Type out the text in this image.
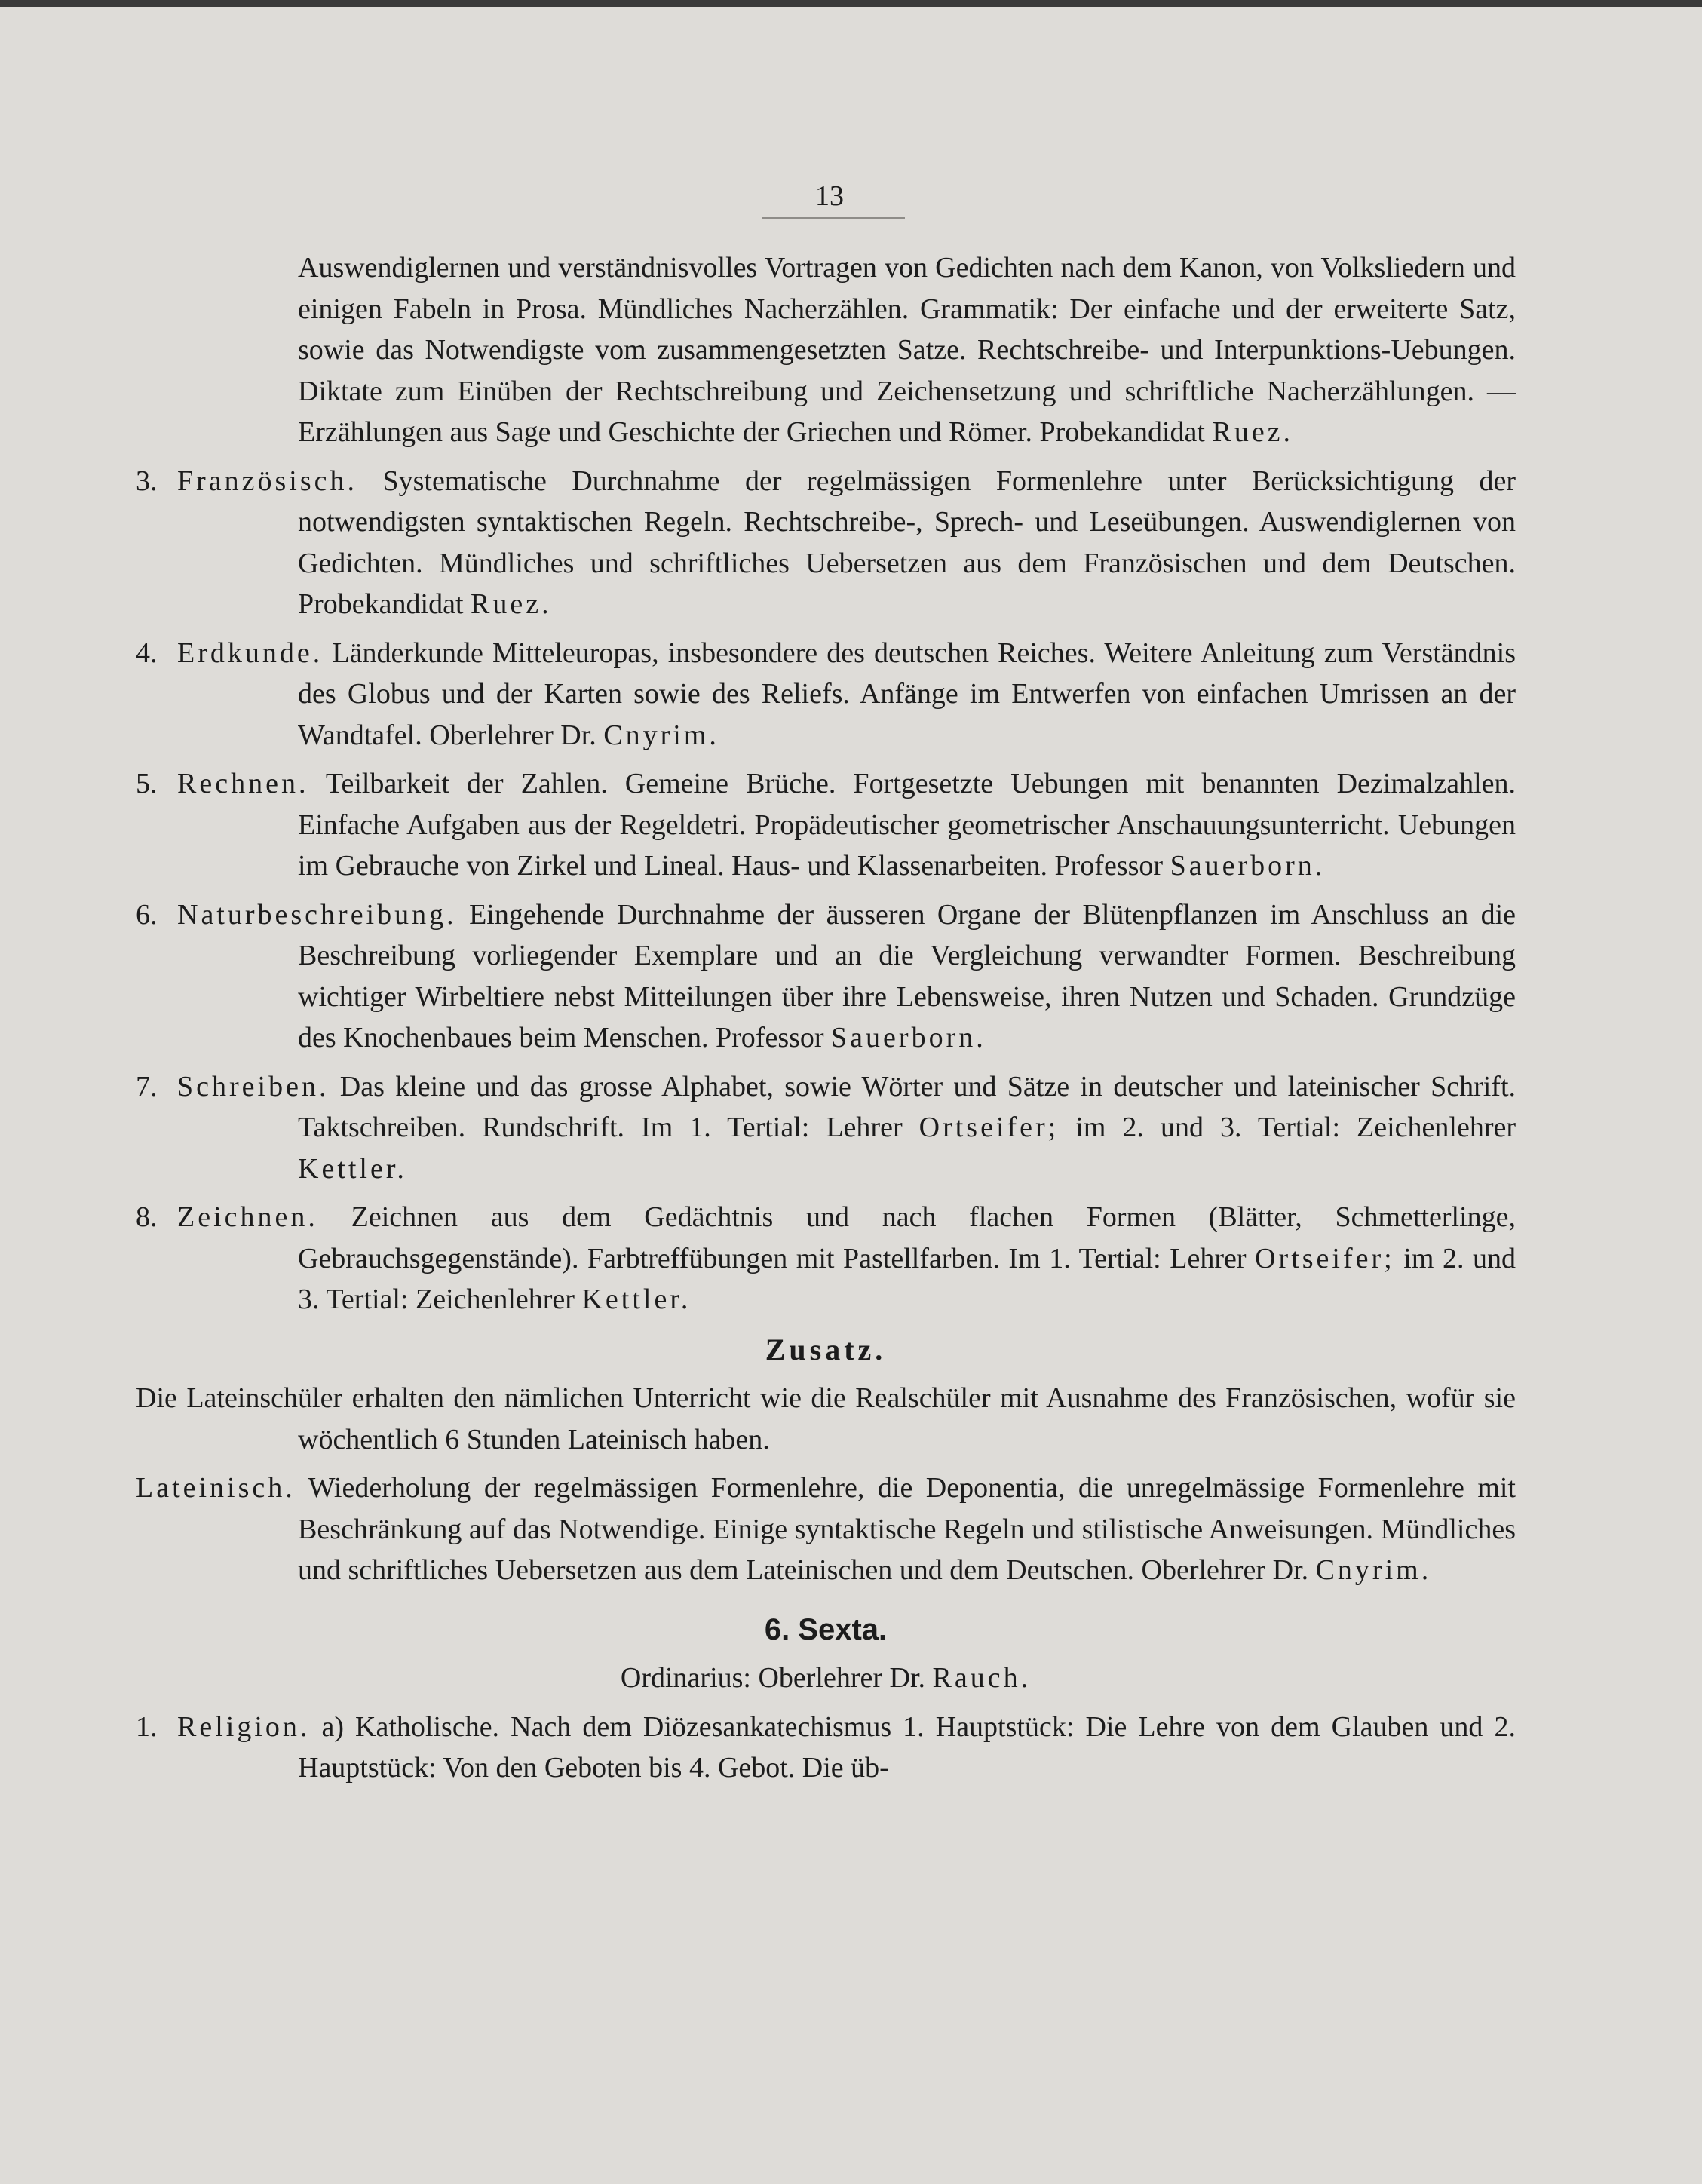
13

Auswendiglernen und verständnisvolles Vortragen von Gedichten nach dem Kanon, von Volksliedern und einigen Fabeln in Prosa. Mündliches Nacherzählen. Grammatik: Der einfache und der erweiterte Satz, sowie das Notwendigste vom zusammengesetzten Satze. Rechtschreibe- und Interpunktions-Uebungen. Diktate zum Einüben der Rechtschreibung und Zeichensetzung und schriftliche Nacherzählungen. — Erzählungen aus Sage und Geschichte der Griechen und Römer. Probekandidat Ruez.

3. Französisch. Systematische Durchnahme der regelmässigen Formenlehre unter Berücksichtigung der notwendigsten syntaktischen Regeln. Rechtschreibe-, Sprech- und Leseübungen. Auswendiglernen von Gedichten. Mündliches und schriftliches Uebersetzen aus dem Französischen und dem Deutschen. Probekandidat Ruez.

4. Erdkunde. Länderkunde Mitteleuropas, insbesondere des deutschen Reiches. Weitere Anleitung zum Verständnis des Globus und der Karten sowie des Reliefs. Anfänge im Entwerfen von einfachen Umrissen an der Wandtafel. Oberlehrer Dr. Cnyrim.

5. Rechnen. Teilbarkeit der Zahlen. Gemeine Brüche. Fortgesetzte Uebungen mit benannten Dezimalzahlen. Einfache Aufgaben aus der Regeldetri. Propädeutischer geometrischer Anschauungsunterricht. Uebungen im Gebrauche von Zirkel und Lineal. Haus- und Klassenarbeiten. Professor Sauerborn.

6. Naturbeschreibung. Eingehende Durchnahme der äusseren Organe der Blütenpflanzen im Anschluss an die Beschreibung vorliegender Exemplare und an die Vergleichung verwandter Formen. Beschreibung wichtiger Wirbeltiere nebst Mitteilungen über ihre Lebensweise, ihren Nutzen und Schaden. Grundzüge des Knochenbaues beim Menschen. Professor Sauerborn.

7. Schreiben. Das kleine und das grosse Alphabet, sowie Wörter und Sätze in deutscher und lateinischer Schrift. Taktschreiben. Rundschrift. Im 1. Tertial: Lehrer Ortseifer; im 2. und 3. Tertial: Zeichenlehrer Kettler.

8. Zeichnen. Zeichnen aus dem Gedächtnis und nach flachen Formen (Blätter, Schmetterlinge, Gebrauchsgegenstände). Farbtreffübungen mit Pastellfarben. Im 1. Tertial: Lehrer Ortseifer; im 2. und 3. Tertial: Zeichenlehrer Kettler.

Zusatz.

Die Lateinschüler erhalten den nämlichen Unterricht wie die Realschüler mit Ausnahme des Französischen, wofür sie wöchentlich 6 Stunden Lateinisch haben.

Lateinisch. Wiederholung der regelmässigen Formenlehre, die Deponentia, die unregelmässige Formenlehre mit Beschränkung auf das Notwendige. Einige syntaktische Regeln und stilistische Anweisungen. Mündliches und schriftliches Uebersetzen aus dem Lateinischen und dem Deutschen. Oberlehrer Dr. Cnyrim.

6. Sexta.

Ordinarius: Oberlehrer Dr. Rauch.

1. Religion. a) Katholische. Nach dem Diözesankatechismus 1. Hauptstück: Die Lehre von dem Glauben und 2. Hauptstück: Von den Geboten bis 4. Gebot. Die üb-
